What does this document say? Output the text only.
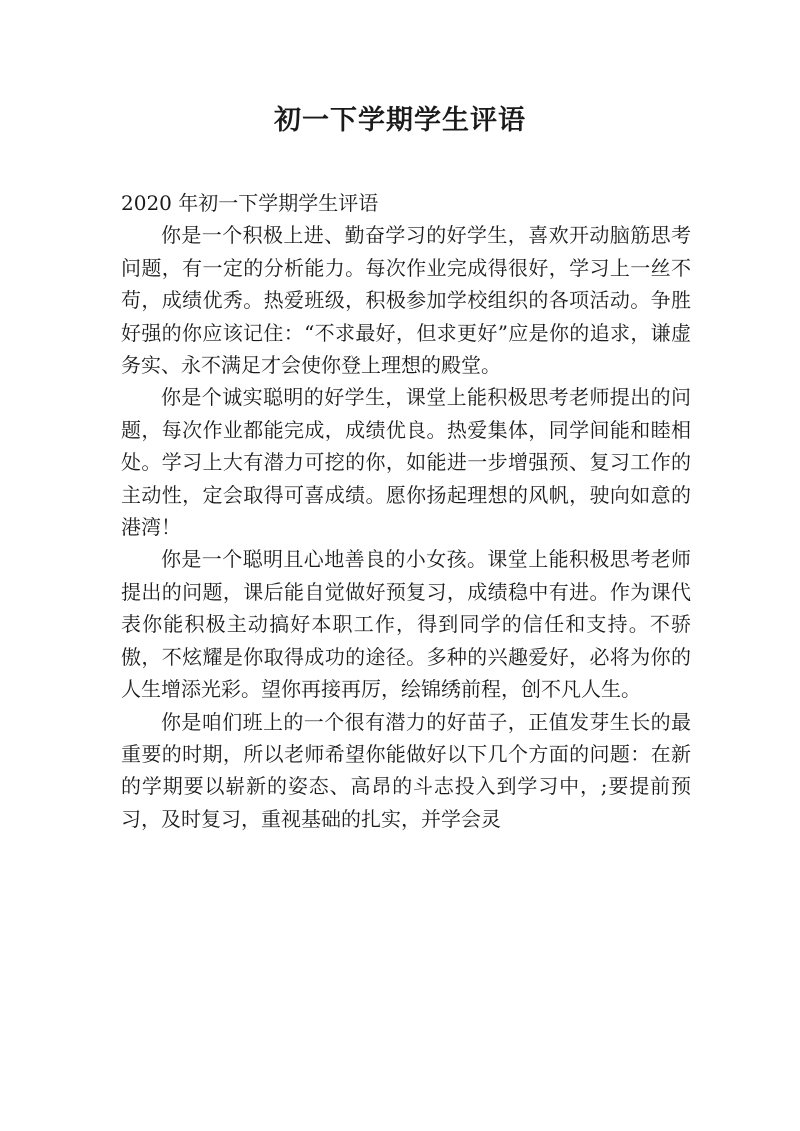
初一下学期学生评语

2020 年初一下学期学生评语

你是一个积极上进、勤奋学习的好学生，喜欢开动脑筋思考问题，有一定的分析能力。每次作业完成得很好，学习上一丝不苟，成绩优秀。热爱班级，积极参加学校组织的各项活动。争胜好强的你应该记住：“不求最好，但求更好”应是你的追求，谦虚务实、永不满足才会使你登上理想的殿堂。

你是个诚实聪明的好学生，课堂上能积极思考老师提出的问题，每次作业都能完成，成绩优良。热爱集体，同学间能和睦相处。学习上大有潜力可挖的你，如能进一步增强预、复习工作的主动性，定会取得可喜成绩。愿你扬起理想的风帆，驶向如意的港湾！

你是一个聪明且心地善良的小女孩。课堂上能积极思考老师提出的问题，课后能自觉做好预复习，成绩稳中有进。作为课代表你能积极主动搞好本职工作，得到同学的信任和支持。不骄傲，不炫耀是你取得成功的途径。多种的兴趣爱好，必将为你的人生增添光彩。望你再接再厉，绘锦绣前程，创不凡人生。

你是咱们班上的一个很有潜力的好苗子，正值发芽生长的最重要的时期，所以老师希望你能做好以下几个方面的问题：在新的学期要以崭新的姿态、高昂的斗志投入到学习中，;要提前预习，及时复习，重视基础的扎实，并学会灵
